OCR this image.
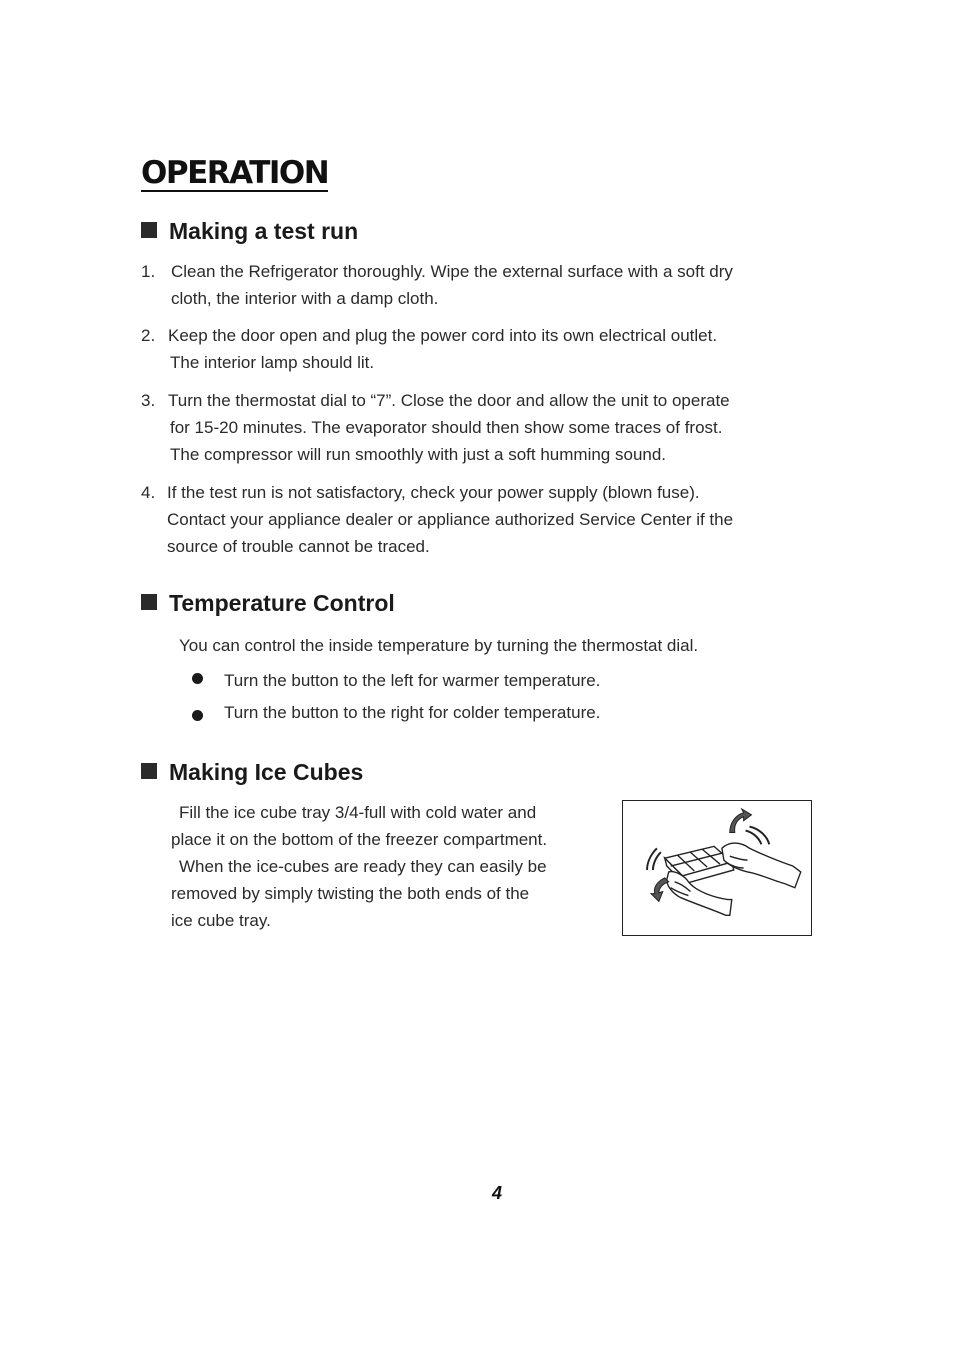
OPERATION
Making a test run
1. Clean the Refrigerator thoroughly. Wipe the external surface with a soft dry

cloth, the interior with a damp cloth.

2. Keep the door open and plug the power cord into its own electrical outlet.

The interior lamp should lit.

3. Turn the thermostat dial to “7”. Close the door and allow the unit to operate

for 15-20 minutes. The evaporator should then show some traces of frost.

The compressor will run smoothly with just a soft humming sound.

4. If the test run is not satisfactory, check your power supply (blown fuse).

Contact your appliance dealer or appliance authorized Service Center if the

source of trouble cannot be traced.

Temperature Control

You can control the inside temperature by turning the thermostat dial.

Turn the button to the left for warmer temperature.

Turn the button to the right for colder temperature.

Making Ice Cubes

Fill the ice cube tray 3/4-full with cold water and

place it on the bottom of the freezer compartment.

When the ice-cubes are ready they can easily be

removed by simply twisting the both ends of the

ice cube tray.

4
